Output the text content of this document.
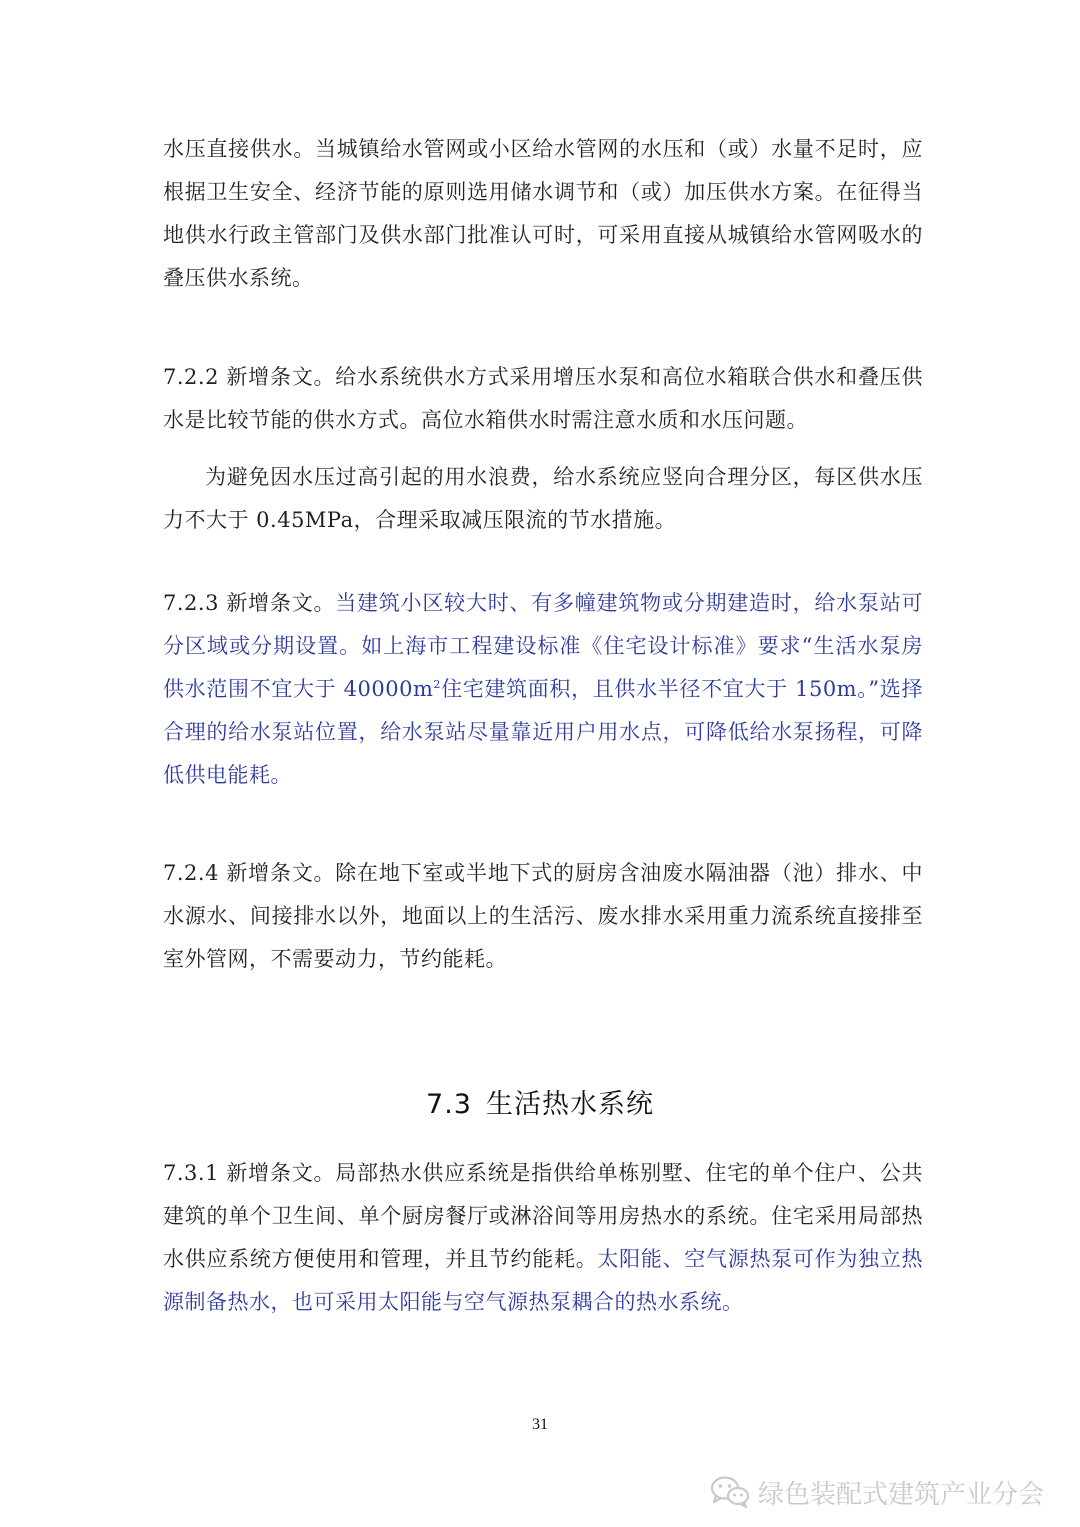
水压直接供水。当城镇给水管网或小区给水管网的水压和（或）水量不足时，应根据卫生安全、经济节能的原则选用储水调节和（或）加压供水方案。在征得当地供水行政主管部门及供水部门批准认可时，可采用直接从城镇给水管网吸水的叠压供水系统。

7.2.2 新增条文。给水系统供水方式采用增压水泵和高位水箱联合供水和叠压供水是比较节能的供水方式。高位水箱供水时需注意水质和水压问题。

为避免因水压过高引起的用水浪费，给水系统应竖向合理分区，每区供水压力不大于 0.45MPa，合理采取减压限流的节水措施。

7.2.3 新增条文。当建筑小区较大时、有多幢建筑物或分期建造时，给水泵站可分区域或分期设置。如上海市工程建设标准《住宅设计标准》要求“生活水泵房供水范围不宜大于 $40000m^2$住宅建筑面积，且供水半径不宜大于 150m。”选择合理的给水泵站位置，给水泵站尽量靠近用户用水点，可降低给水泵扬程，可降低供电能耗。

7.2.4 新增条文。除在地下室或半地下式的厨房含油废水隔油器（池）排水、中水源水、间接排水以外，地面以上的生活污、废水排水采用重力流系统直接排至室外管网，不需要动力，节约能耗。

7.3 生活热水系统

7.3.1 新增条文。局部热水供应系统是指供给单栋别墅、住宅的单个住户、公共建筑的单个卫生间、单个厨房餐厅或淋浴间等用房热水的系统。住宅采用局部热水供应系统方便使用和管理，并且节约能耗。太阳能、空气源热泵可作为独立热源制备热水，也可采用太阳能与空气源热泵耦合的热水系统。

31
绿色装配式建筑产业分会
